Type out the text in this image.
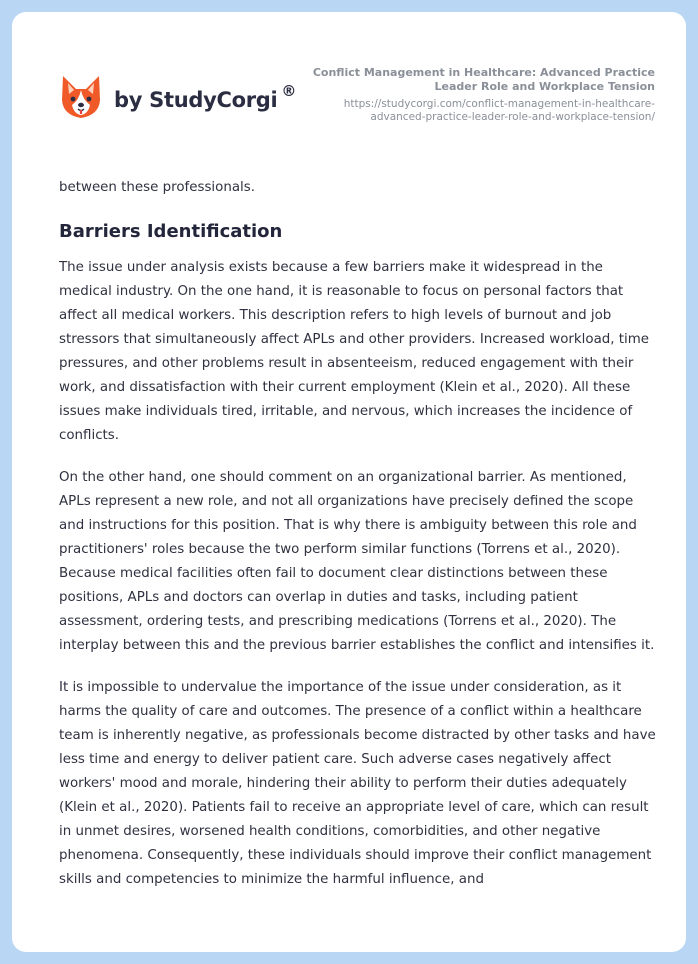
by StudyCorgi ®
Conflict Management in Healthcare: Advanced Practice Leader Role and Workplace Tension
https://studycorgi.com/conflict-management-in-healthcare-advanced-practice-leader-role-and-workplace-tension/

between these professionals.

Barriers Identification

The issue under analysis exists because a few barriers make it widespread in the medical industry. On the one hand, it is reasonable to focus on personal factors that affect all medical workers. This description refers to high levels of burnout and job stressors that simultaneously affect APLs and other providers. Increased workload, time pressures, and other problems result in absenteeism, reduced engagement with their work, and dissatisfaction with their current employment (Klein et al., 2020). All these issues make individuals tired, irritable, and nervous, which increases the incidence of conflicts.

On the other hand, one should comment on an organizational barrier. As mentioned, APLs represent a new role, and not all organizations have precisely defined the scope and instructions for this position. That is why there is ambiguity between this role and practitioners' roles because the two perform similar functions (Torrens et al., 2020). Because medical facilities often fail to document clear distinctions between these positions, APLs and doctors can overlap in duties and tasks, including patient assessment, ordering tests, and prescribing medications (Torrens et al., 2020). The interplay between this and the previous barrier establishes the conflict and intensifies it.

It is impossible to undervalue the importance of the issue under consideration, as it harms the quality of care and outcomes. The presence of a conflict within a healthcare team is inherently negative, as professionals become distracted by other tasks and have less time and energy to deliver patient care. Such adverse cases negatively affect workers' mood and morale, hindering their ability to perform their duties adequately (Klein et al., 2020). Patients fail to receive an appropriate level of care, which can result in unmet desires, worsened health conditions, comorbidities, and other negative phenomena. Consequently, these individuals should improve their conflict management skills and competencies to minimize the harmful influence, and
